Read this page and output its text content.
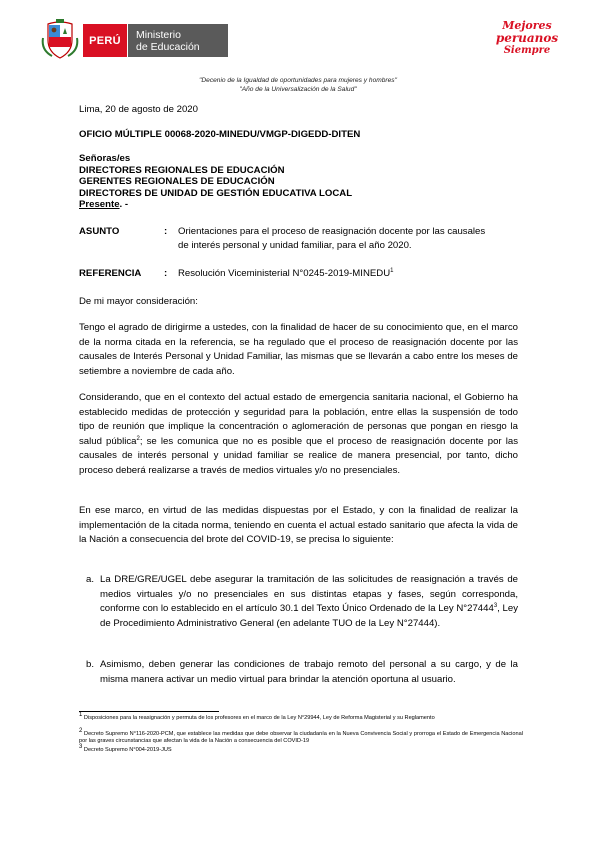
PERÚ	Ministerio
de Educación
Mejores
peruanos
Siempre
"Decenio de la Igualdad de oportunidades para mujeres y hombres"
"Año de la Universalización de la Salud"
Lima, 20 de agosto de 2020
OFICIO MÚLTIPLE 00068-2020-MINEDU/VMGP-DIGEDD-DITEN
Señoras/es
DIRECTORES REGIONALES DE EDUCACIÓN
GERENTES REGIONALES DE EDUCACIÓN
DIRECTORES DE UNIDAD DE GESTIÓN EDUCATIVA LOCAL
Presente. -
ASUNTO	: Orientaciones para el proceso de reasignación docente por las causales
de interés personal y unidad familiar, para el año 2020.
REFERENCIA : Resolución Viceministerial N°0245-2019-MINEDU$^1$
De mi mayor consideración:
Tengo el agrado de dirigirme a ustedes, con la finalidad de hacer de su conocimiento que, en el marco de la norma citada en la referencia, se ha regulado que el proceso de reasignación docente por las causales de Interés Personal y Unidad Familiar, las mismas que se llevarán a cabo entre los meses de setiembre a noviembre de cada año.
Considerando, que en el contexto del actual estado de emergencia sanitaria nacional, el Gobierno ha establecido medidas de protección y seguridad para la población, entre ellas la suspensión de todo tipo de reunión que implique la concentración o aglomeración de personas que pongan en riesgo la salud pública$^2$; se les comunica que no es posible que el proceso de reasignación docente por las causales de interés personal y unidad familiar se realice de manera presencial, por tanto, dicho proceso deberá realizarse a través de medios virtuales y/o no presenciales.
En ese marco, en virtud de las medidas dispuestas por el Estado, y con la finalidad de realizar la implementación de la citada norma, teniendo en cuenta el actual estado sanitario que afecta la vida de la Nación a consecuencia del brote del COVID-19, se precisa lo siguiente:
a. La DRE/GRE/UGEL debe asegurar la tramitación de las solicitudes de reasignación a través de medios virtuales y/o no presenciales en sus distintas etapas y fases, según corresponda, conforme con lo establecido en el artículo 30.1 del Texto Único Ordenado de la Ley N°27444$^3$, Ley de Procedimiento Administrativo General (en adelante TUO de la Ley N°27444).
b. Asimismo, deben generar las condiciones de trabajo remoto del personal a su cargo, y de la misma manera activar un medio virtual para brindar la atención oportuna al usuario.
$^1$ Disposiciones para la reasignación y permuta de los profesores en el marco de la Ley N°29944, Ley de Reforma Magisterial y su Reglamento
$^2$ Decreto Supremo N°116-2020-PCM, que establece las medidas que debe observar la ciudadanía en la Nueva Convivencia Social y prorroga el Estado de Emergencia Nacional por las graves circunstancias que afectan la vida de la Nación a consecuencia del COVID-19
$^3$ Decreto Supremo N°004-2019-JUS
